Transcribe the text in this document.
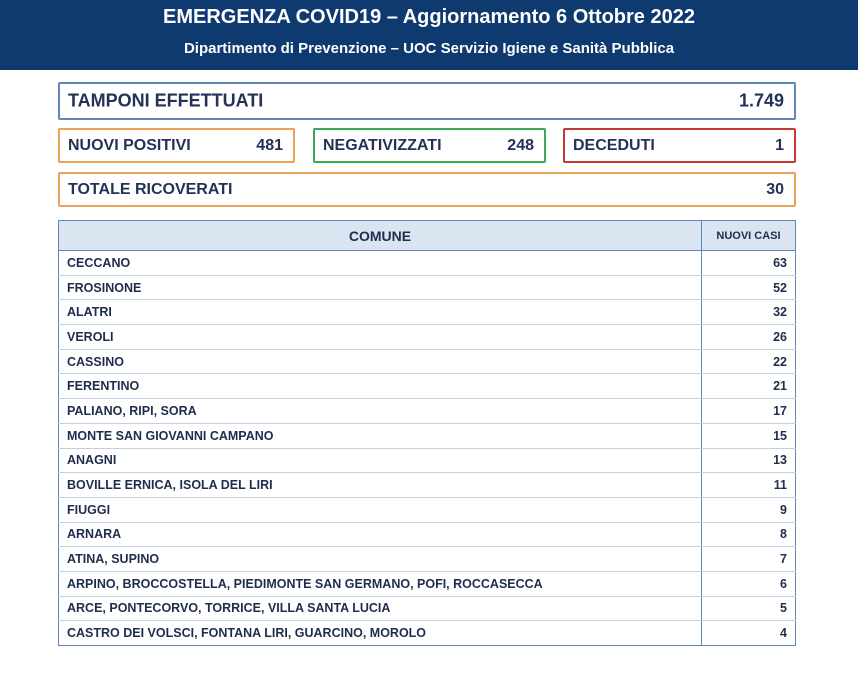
EMERGENZA COVID19 – Aggiornamento 6 Ottobre 2022
Dipartimento di Prevenzione – UOC Servizio Igiene e Sanità Pubblica
TAMPONI EFFETTUATI	1.749
NUOVI POSITIVI	481	NEGATIVIZZATI	248 DECEDUTI	1
TOTALE RICOVERATI	30
COMUNE	NUOVI CASI
CECCANO	63
FROSINONE	52
ALATRI	32
VEROLI	26
CASSINO	22
FERENTINO	21
PALIANO, RIPI, SORA	17
MONTE SAN GIOVANNI CAMPANO	15
ANAGNI	13
BOVILLE ERNICA, ISOLA DEL LIRI	11
FIUGGI	9
ARNARA	8
ATINA, SUPINO	7
ARPINO, BROCCOSTELLA, PIEDIMONTE SAN GERMANO, POFI, ROCCASECCA	6
ARCE, PONTECORVO, TORRICE, VILLA SANTA LUCIA	5
CASTRO DEI VOLSCI, FONTANA LIRI, GUARCINO, MOROLO	4
